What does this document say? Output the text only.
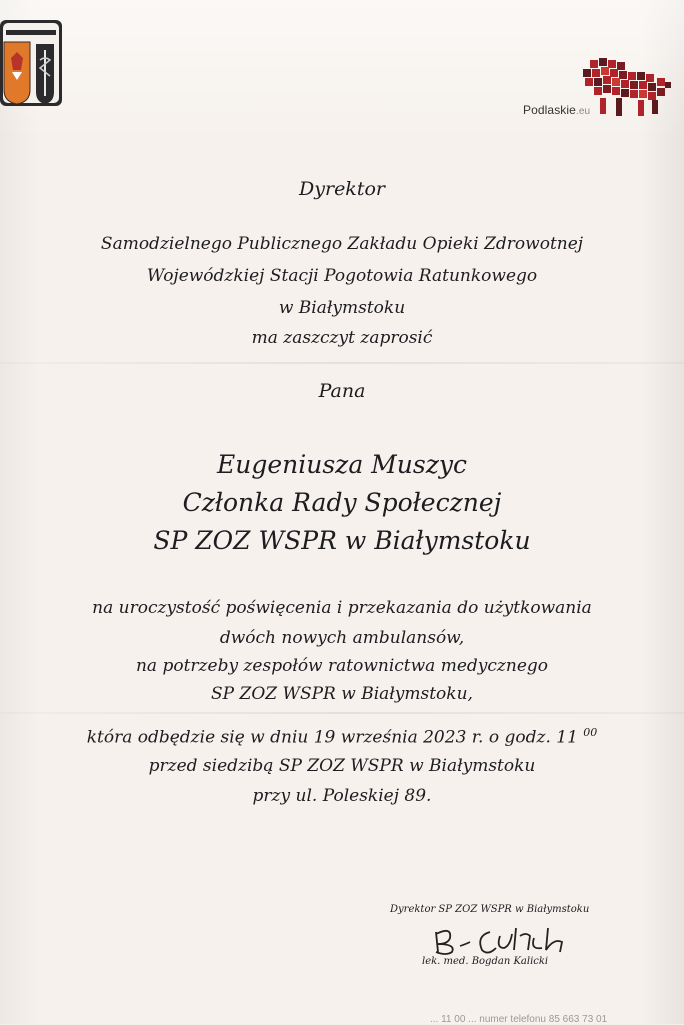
Podlaskie.eu
Dyrektor
Samodzielnego Publicznego Zakładu Opieki Zdrowotnej
Wojewódzkiej Stacji Pogotowia Ratunkowego
w Białymstoku
ma zaszczyt zaprosić
Pana
Eugeniusza Muszyc
Członka Rady Społecznej
SP ZOZ WSPR w Białymstoku
na uroczystość poświęcenia i przekazania do użytkowania
dwóch nowych ambulansów,
na potrzeby zespołów ratownictwa medycznego
SP ZOZ WSPR w Białymstoku,
która odbędzie się w dniu 19 września 2023 r. o godz. 11 $^{00}$
przed siedzibą SP ZOZ WSPR w Białymstoku
przy ul. Poleskiej 89.
Dyrektor SP ZOZ WSPR w Białymstoku
lek. med. Bogdan Kalicki
... 11 00 ... numer telefonu 85 663 73 01
